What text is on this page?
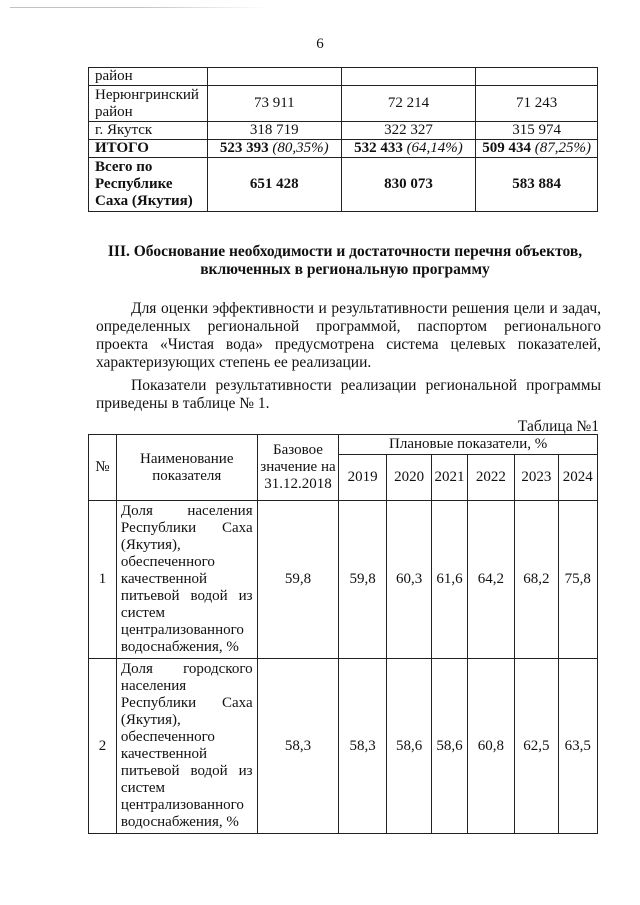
6
район			
Нерюнгринский район	73 911	72 214	71 243
г. Якутск	318 719	322 327	315 974
ИТОГО	523 393 (80,35%)	532 433 (64,14%)	509 434 (87,25%)
Всего по Республике Саха (Якутия)	651 428	830 073	583 884
III. Обоснование необходимости и достаточности перечня объектов,
включенных в региональную программу
Для оценки эффективности и результативности решения цели и задач, определенных региональной программой, паспортом регионального проекта «Чистая вода» предусмотрена система целевых показателей, характеризующих степень ее реализации.
Показатели результативности реализации региональной программы приведены в таблице № 1.
Таблица №1
№	Наименование показателя	Базовое значение на 31.12.2018	Плановые показатели, %					
			2019	2020	2021	2022	2023	2024
1	Доля населения Республики Саха (Якутия), обеспеченного качественной питьевой водой из систем централизованного водоснабжения, %	59,8	59,8	60,3	61,6	64,2	68,2	75,8
2	Доля городского населения Республики Саха (Якутия), обеспеченного качественной питьевой водой из систем централизованного водоснабжения, %	58,3	58,3	58,6	58,6	60,8	62,5	63,5
